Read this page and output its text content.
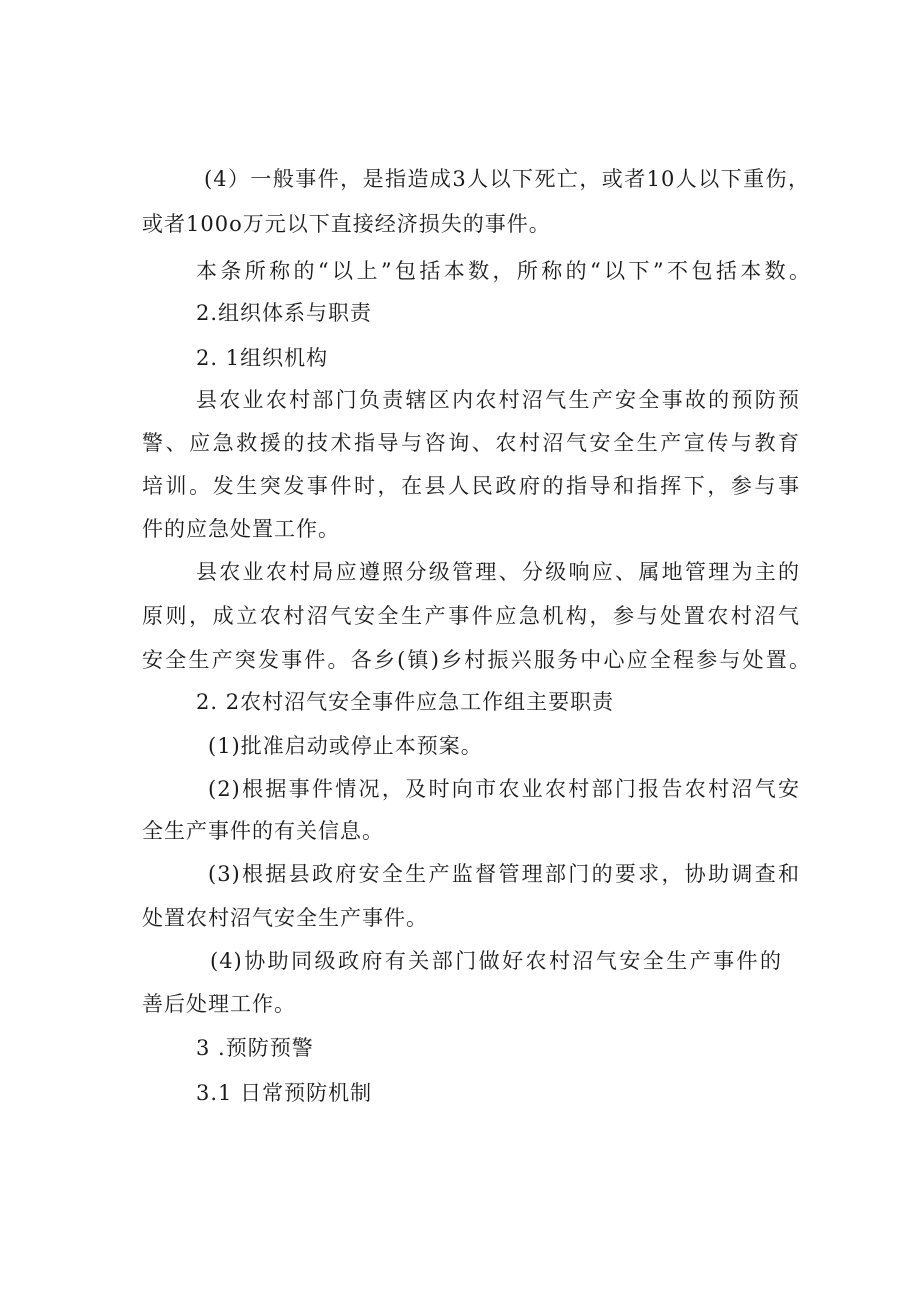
(4）一般事件，是指造成3人以下死亡，或者10人以下重伤，
或者100o万元以下直接经济损失的事件。
本条所称的“以上”包括本数，所称的“以下”不包括本数。
2.组织体系与职责
2. 1组织机构
县农业农村部门负责辖区内农村沼气生产安全事故的预防预
警、应急救援的技术指导与咨询、农村沼气安全生产宣传与教育
培训。发生突发事件时，在县人民政府的指导和指挥下，参与事
件的应急处置工作。
县农业农村局应遵照分级管理、分级响应、属地管理为主的
原则，成立农村沼气安全生产事件应急机构，参与处置农村沼气
安全生产突发事件。各乡(镇)乡村振兴服务中心应全程参与处置。
2. 2农村沼气安全事件应急工作组主要职责
(1)批准启动或停止本预案。
(2)根据事件情况，及时向市农业农村部门报告农村沼气安
全生产事件的有关信息。
(3)根据县政府安全生产监督管理部门的要求，协助调查和
处置农村沼气安全生产事件。
(4)协助同级政府有关部门做好农村沼气安全生产事件的
善后处理工作。
3 .预防预警
3.1 日常预防机制
